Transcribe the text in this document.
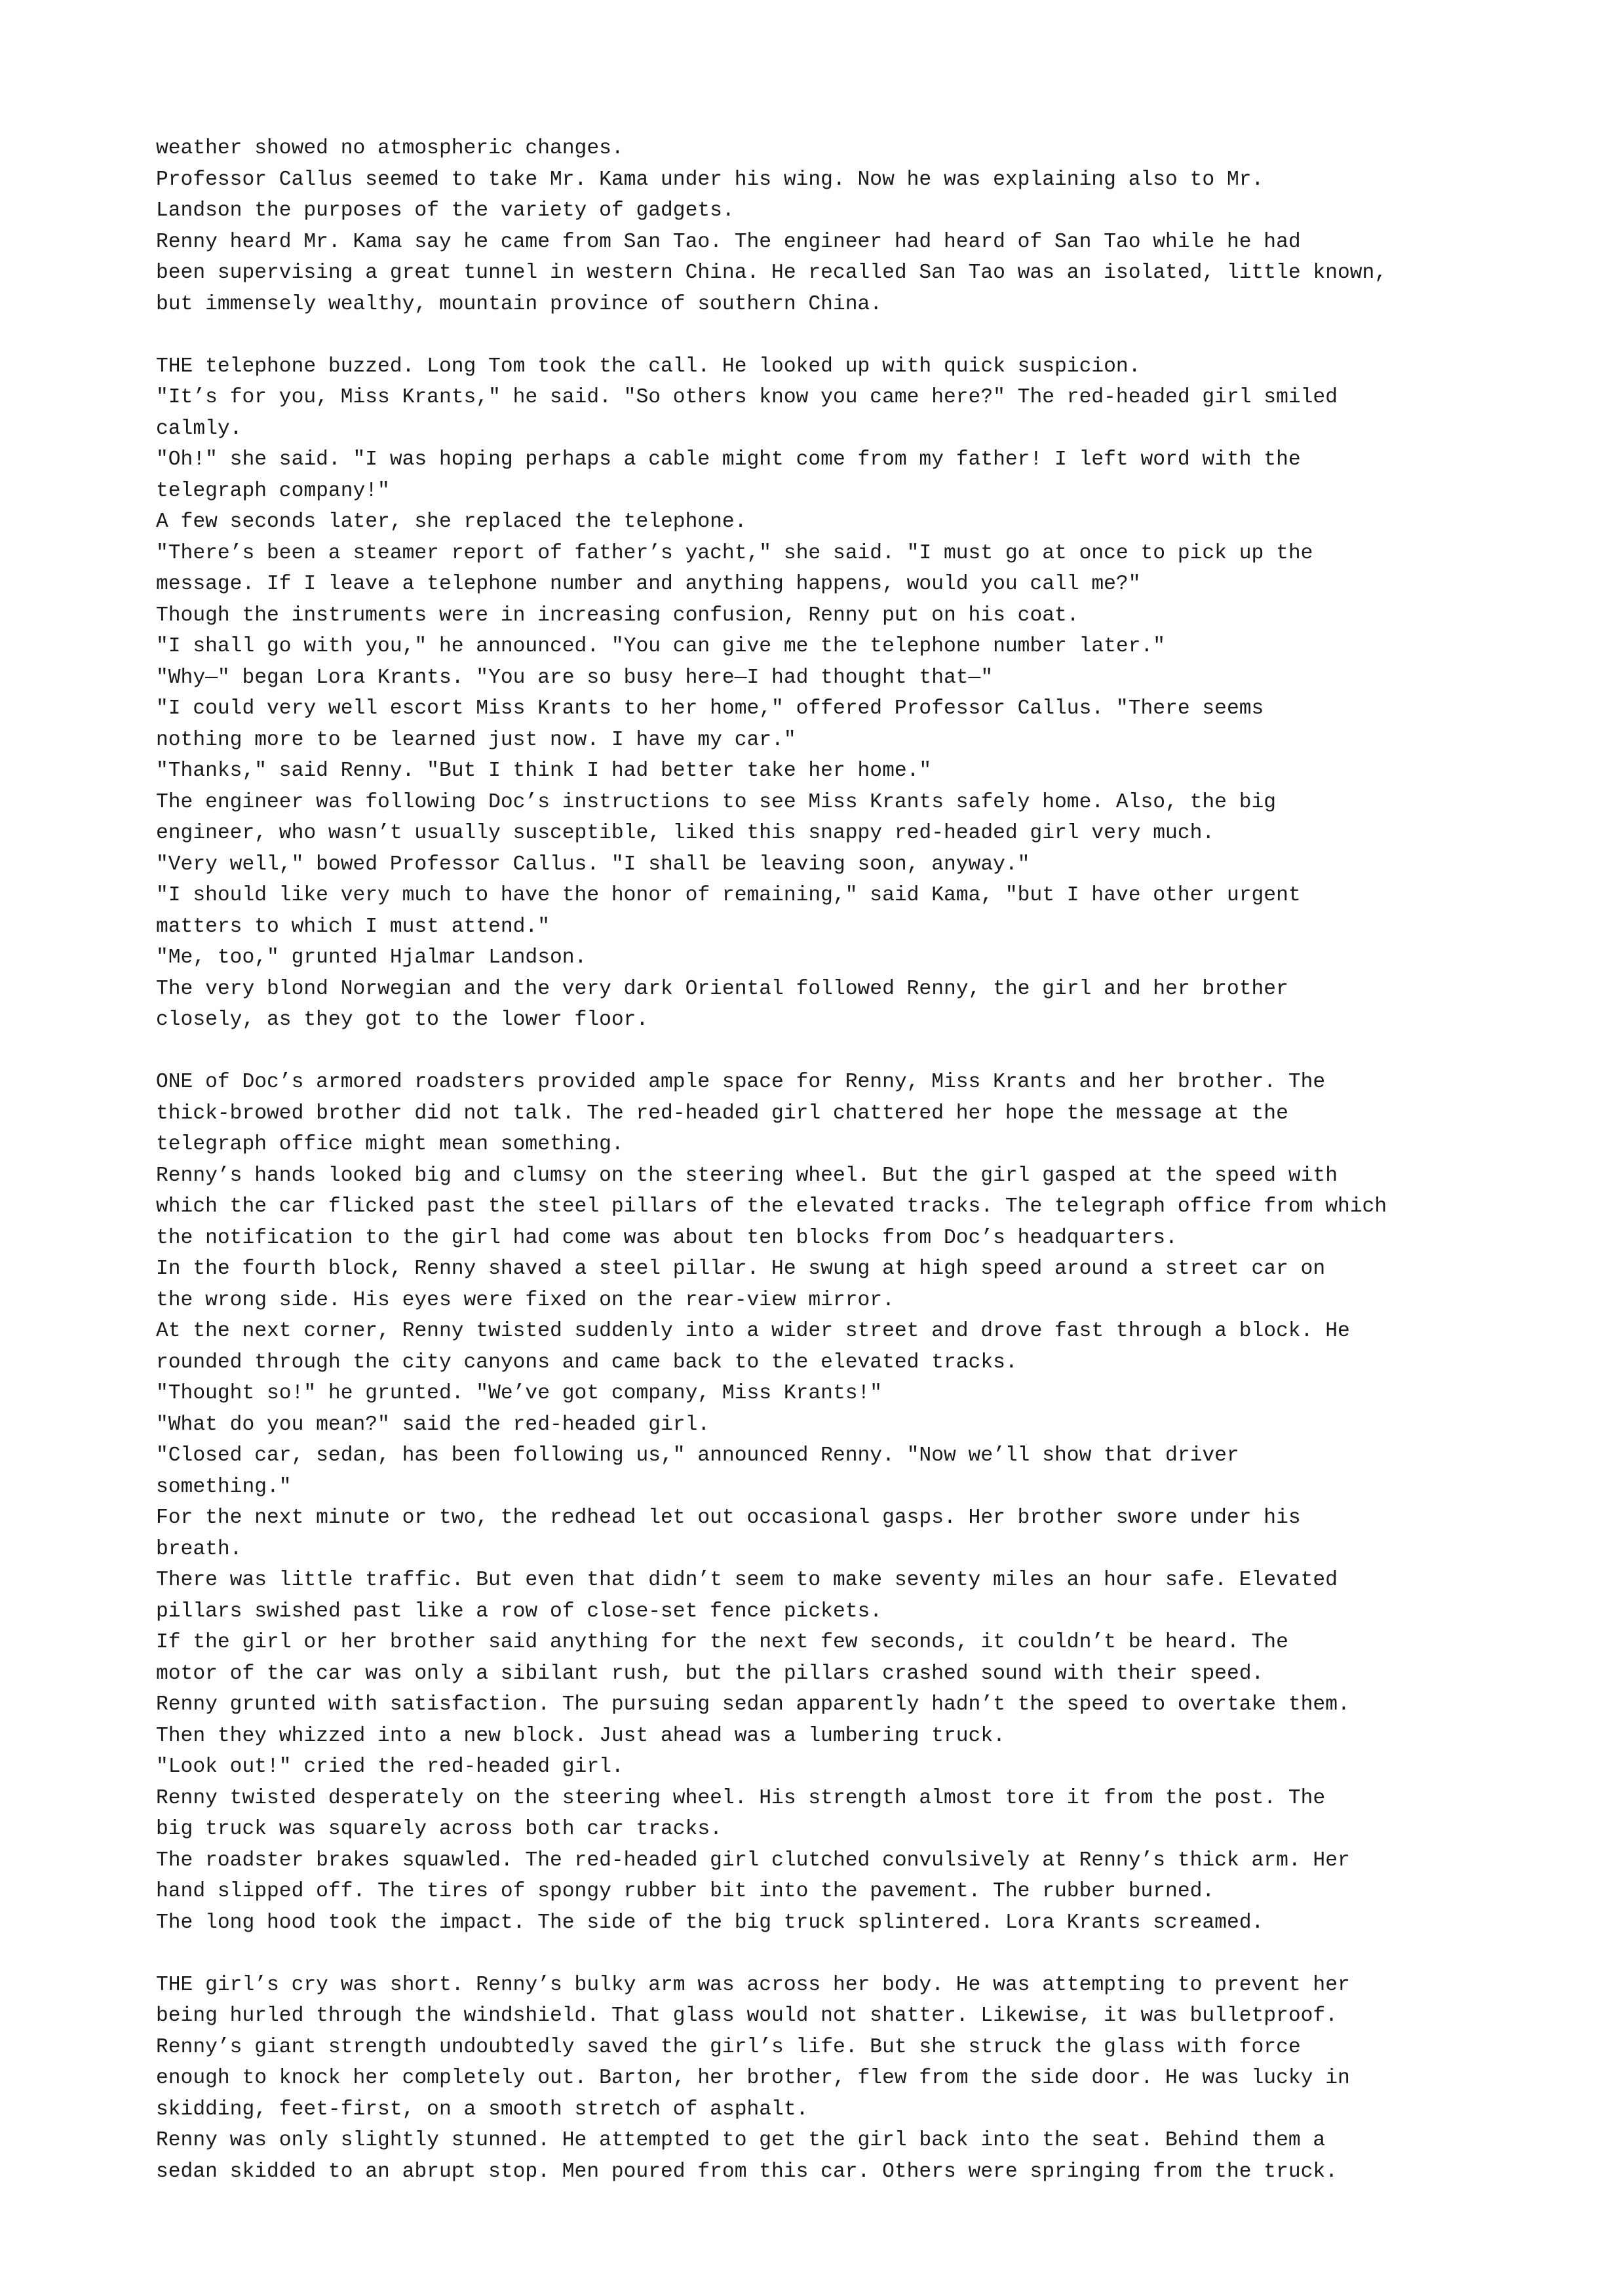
weather showed no atmospheric changes.
Professor Callus seemed to take Mr. Kama under his wing. Now he was explaining also to Mr.
Landson the purposes of the variety of gadgets.
Renny heard Mr. Kama say he came from San Tao. The engineer had heard of San Tao while he had
been supervising a great tunnel in western China. He recalled San Tao was an isolated, little known,
but immensely wealthy, mountain province of southern China.
THE telephone buzzed. Long Tom took the call. He looked up with quick suspicion.
"It’s for you, Miss Krants," he said. "So others know you came here?" The red-headed girl smiled
calmly.
"Oh!" she said. "I was hoping perhaps a cable might come from my father! I left word with the
telegraph company!"
A few seconds later, she replaced the telephone.
"There’s been a steamer report of father’s yacht," she said. "I must go at once to pick up the
message. If I leave a telephone number and anything happens, would you call me?"
Though the instruments were in increasing confusion, Renny put on his coat.
"I shall go with you," he announced. "You can give me the telephone number later."
"Why—" began Lora Krants. "You are so busy here—I had thought that—"
"I could very well escort Miss Krants to her home," offered Professor Callus. "There seems
nothing more to be learned just now. I have my car."
"Thanks," said Renny. "But I think I had better take her home."
The engineer was following Doc’s instructions to see Miss Krants safely home. Also, the big
engineer, who wasn’t usually susceptible, liked this snappy red-headed girl very much.
"Very well," bowed Professor Callus. "I shall be leaving soon, anyway."
"I should like very much to have the honor of remaining," said Kama, "but I have other urgent
matters to which I must attend."
"Me, too," grunted Hjalmar Landson.
The very blond Norwegian and the very dark Oriental followed Renny, the girl and her brother
closely, as they got to the lower floor.
ONE of Doc’s armored roadsters provided ample space for Renny, Miss Krants and her brother. The
thick-browed brother did not talk. The red-headed girl chattered her hope the message at the
telegraph office might mean something.
Renny’s hands looked big and clumsy on the steering wheel. But the girl gasped at the speed with
which the car flicked past the steel pillars of the elevated tracks. The telegraph office from which
the notification to the girl had come was about ten blocks from Doc’s headquarters.
In the fourth block, Renny shaved a steel pillar. He swung at high speed around a street car on
the wrong side. His eyes were fixed on the rear-view mirror.
At the next corner, Renny twisted suddenly into a wider street and drove fast through a block. He
rounded through the city canyons and came back to the elevated tracks.
"Thought so!" he grunted. "We’ve got company, Miss Krants!"
"What do you mean?" said the red-headed girl.
"Closed car, sedan, has been following us," announced Renny. "Now we’ll show that driver
something."
For the next minute or two, the redhead let out occasional gasps. Her brother swore under his
breath.
There was little traffic. But even that didn’t seem to make seventy miles an hour safe. Elevated
pillars swished past like a row of close-set fence pickets.
If the girl or her brother said anything for the next few seconds, it couldn’t be heard. The
motor of the car was only a sibilant rush, but the pillars crashed sound with their speed.
Renny grunted with satisfaction. The pursuing sedan apparently hadn’t the speed to overtake them.
Then they whizzed into a new block. Just ahead was a lumbering truck.
"Look out!" cried the red-headed girl.
Renny twisted desperately on the steering wheel. His strength almost tore it from the post. The
big truck was squarely across both car tracks.
The roadster brakes squawled. The red-headed girl clutched convulsively at Renny’s thick arm. Her
hand slipped off. The tires of spongy rubber bit into the pavement. The rubber burned.
The long hood took the impact. The side of the big truck splintered. Lora Krants screamed.
THE girl’s cry was short. Renny’s bulky arm was across her body. He was attempting to prevent her
being hurled through the windshield. That glass would not shatter. Likewise, it was bulletproof.
Renny’s giant strength undoubtedly saved the girl’s life. But she struck the glass with force
enough to knock her completely out. Barton, her brother, flew from the side door. He was lucky in
skidding, feet-first, on a smooth stretch of asphalt.
Renny was only slightly stunned. He attempted to get the girl back into the seat. Behind them a
sedan skidded to an abrupt stop. Men poured from this car. Others were springing from the truck.
